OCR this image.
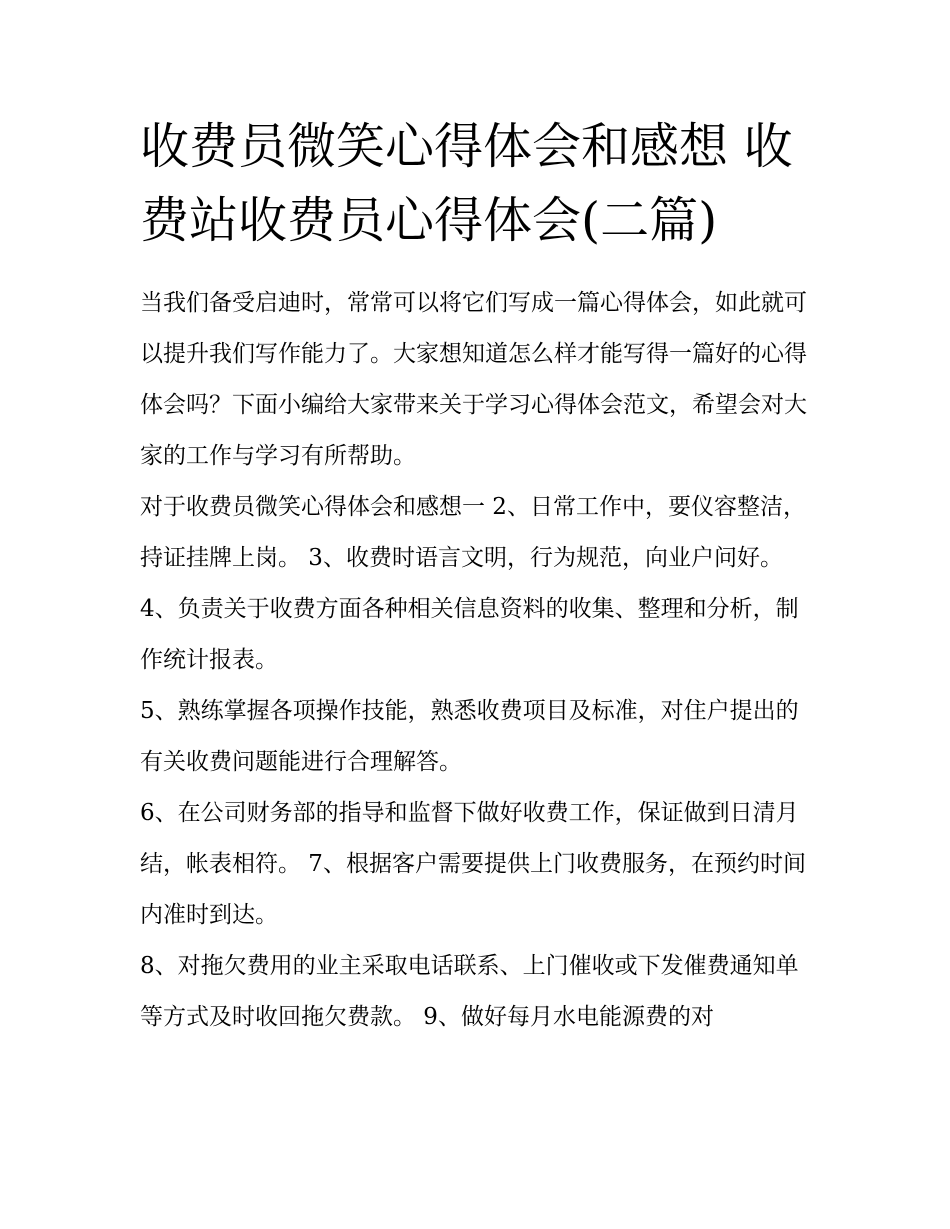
收费员微笑心得体会和感想 收费站收费员心得体会(二篇)

当我们备受启迪时，常常可以将它们写成一篇心得体会，如此就可以提升我们写作能力了。大家想知道怎么样才能写得一篇好的心得体会吗？下面小编给大家带来关于学习心得体会范文，希望会对大家的工作与学习有所帮助。

对于收费员微笑心得体会和感想一 2、日常工作中，要仪容整洁，持证挂牌上岗。 3、收费时语言文明，行为规范，向业户问好。

4、负责关于收费方面各种相关信息资料的收集、整理和分析，制作统计报表。

5、熟练掌握各项操作技能，熟悉收费项目及标准，对住户提出的有关收费问题能进行合理解答。

6、在公司财务部的指导和监督下做好收费工作，保证做到日清月结，帐表相符。 7、根据客户需要提供上门收费服务，在预约时间内准时到达。

8、对拖欠费用的业主采取电话联系、上门催收或下发催费通知单等方式及时收回拖欠费款。 9、做好每月水电能源费的对
